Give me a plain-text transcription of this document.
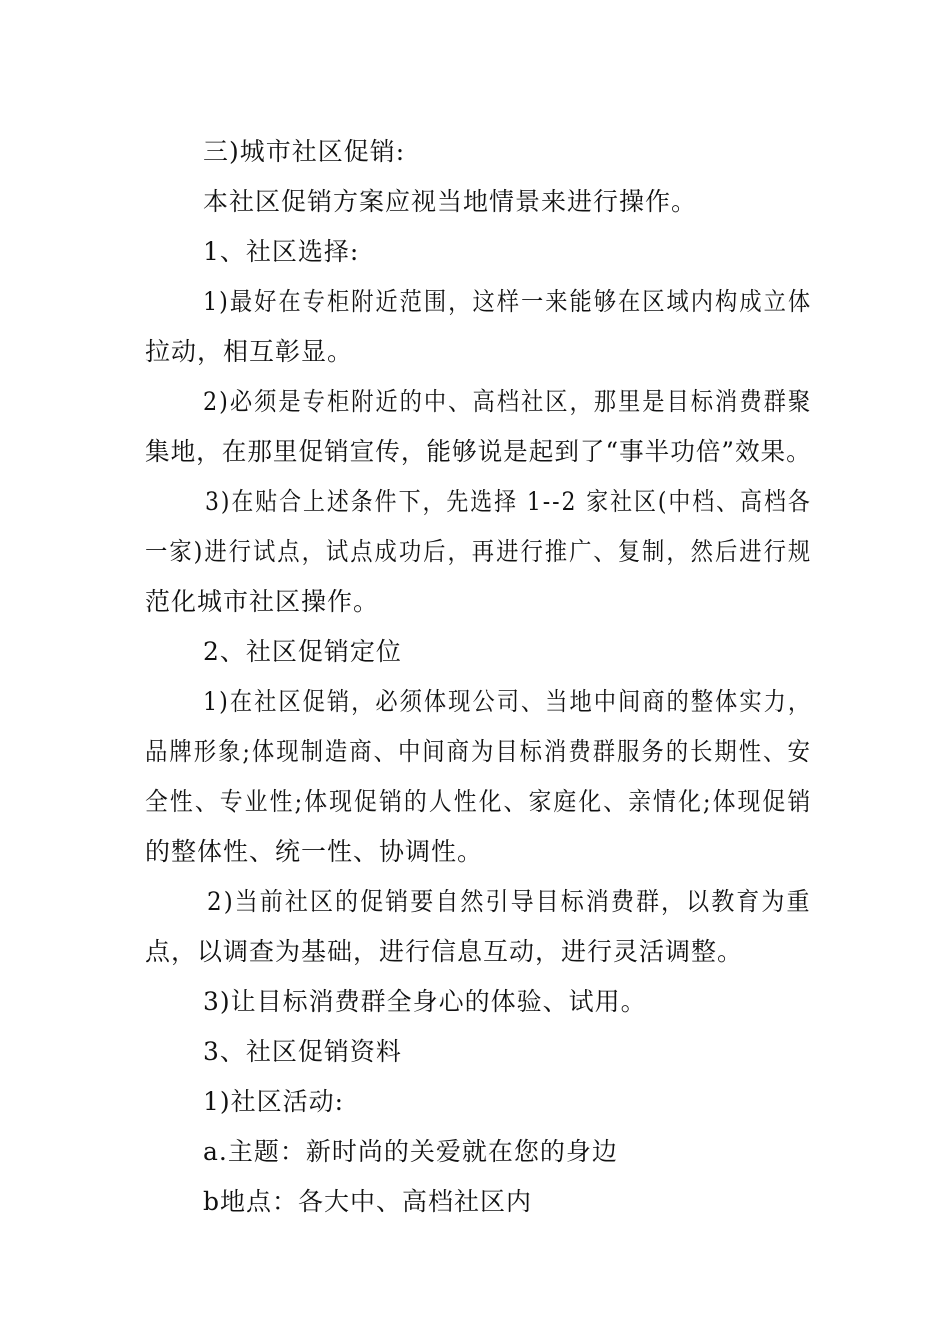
三)城市社区促销:
本社区促销方案应视当地情景来进行操作。
1、社区选择:
1)最好在专柜附近范围，这样一来能够在区域内构成立体
拉动，相互彰显。
2)必须是专柜附近的中、高档社区，那里是目标消费群聚
集地，在那里促销宣传，能够说是起到了“事半功倍”效果。
3)在贴合上述条件下，先选择 1--2 家社区(中档、高档各
一家)进行试点，试点成功后，再进行推广、复制，然后进行规
范化城市社区操作。
2、社区促销定位
1)在社区促销，必须体现公司、当地中间商的整体实力，
品牌形象;体现制造商、中间商为目标消费群服务的长期性、安
全性、专业性;体现促销的人性化、家庭化、亲情化;体现促销
的整体性、统一性、协调性。
2)当前社区的促销要自然引导目标消费群，以教育为重
点，以调查为基础，进行信息互动，进行灵活调整。
3)让目标消费群全身心的体验、试用。
3、社区促销资料
1)社区活动:
a.主题：新时尚的关爱就在您的身边
b地点：各大中、高档社区内
